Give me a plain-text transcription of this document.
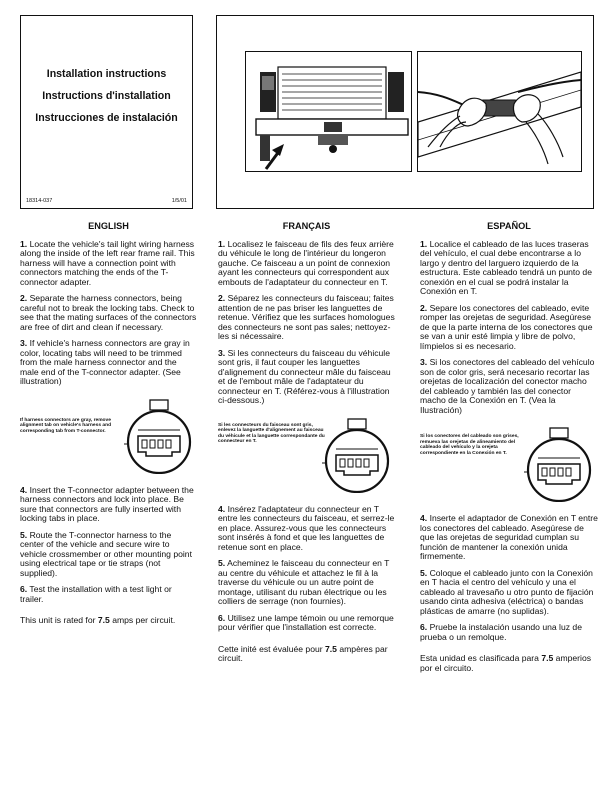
Installation instructions
Instructions d'installation
Instrucciones de instalación
18314-037	1/5/01
ENGLISH

1. Locate the vehicle's tail light wiring harness along the inside of the left rear frame rail. This harness will have a connection point with connectors matching the ends of the T-connector adapter.

2. Separate the harness connectors, being careful not to break the locking tabs. Check to see that the mating surfaces of the connectors are free of dirt and clean if necessary.

3. If vehicle's harness connectors are gray in color, locating tabs will need to be trimmed from the male harness connector and the male end of the T-connector adapter. (See illustration)

If harness connectors are gray, remove alignment tab on vehicle's harness and corresponding tab from T-connector.

4. Insert the T-connector adapter between the harness connectors and lock into place. Be sure that connectors are fully inserted with locking tabs in place.

5. Route the T-connector harness to the center of the vehicle and secure wire to vehicle crossmember or other mounting point using electrical tape or tie straps (not supplied).

6. Test the installation with a test light or trailer.

This unit is rated for 7.5 amps per circuit.

FRANÇAIS

1. Localisez le faisceau de fils des feux arrière du véhicule le long de l'intérieur du longeron gauche. Ce faisceau a un point de connexion ayant les connecteurs qui correspondent aux embouts de l'adaptateur du connecteur en T.

2. Séparez les connecteurs du faisceau; faites attention de ne pas briser les languettes de retenue. Vérifiez que les surfaces homologues des connecteurs ne sont pas sales; nettoyez-les si nécessaire.

3. Si les connecteurs du faisceau du véhicule sont gris, il faut couper les languettes d'alignement du connecteur mâle du faisceau et de l'embout mâle de l'adaptateur du connecteur en T. (Référez-vous à l'illustration ci-dessous.)

Si les connecteurs du faisceau sont gris, enlevez la languette d'alignement au faisceau du véhicule et la languette correspondante du connecteur en T.

4. Insérez l'adaptateur du connecteur en T entre les connecteurs du faisceau, et serrez-le en place. Assurez-vous que les connecteurs sont insérés à fond et que les languettes de retenue sont en place.

5. Acheminez le faisceau du connecteur en T au centre du véhicule et attachez le fil à la traverse du véhicule ou un autre point de montage, utilisant du ruban électrique ou les colliers de serrage (non fournies).

6. Utilisez une lampe témoin ou une remorque pour vérifier que l'installation est correcte.

Cette inité est évaluée pour 7.5 ampères par circuit.

ESPAÑOL

1. Localice el cableado de las luces traseras del vehículo, el cual debe encontrarse a lo largo y dentro del larguero izquierdo de la estructura. Este cableado tendrá un punto de conexión en el cual se podrá instalar la Conexión en T.

2. Separe los conectores del cableado, evite romper las orejetas de seguridad. Asegúrese de que la parte interna de los conectores que se van a unir esté limpia y libre de polvo, límpielos si es necesario.

3. Si los conectores del cableado del vehículo son de color gris, será necesario recortar las orejetas de localización del conector macho del cableado y también las del conector macho de la Conexión en T. (Vea la Ilustración)

Si los conectores del cableado son grises, remueva las orejetas de alineamiento del cableado del vehículo y la orejeta correspondiente en la Conexión en T.

4. Inserte el adaptador de Conexión en T entre los conectores del cableado. Asegúrese de que las orejetas de seguridad cumplan su función de mantener la conexión unida firmemente.

5. Coloque el cableado junto con la Conexión en T hacia el centro del vehículo y una el cableado al travesaño u otro punto de fijación usando cinta adhesiva (eléctrica) o bandas plásticas de amarre (no suplidas).

6. Pruebe la instalación usando una luz de prueba o un remolque.

Esta unidad es clasificada para 7.5 amperios por el circuito.
